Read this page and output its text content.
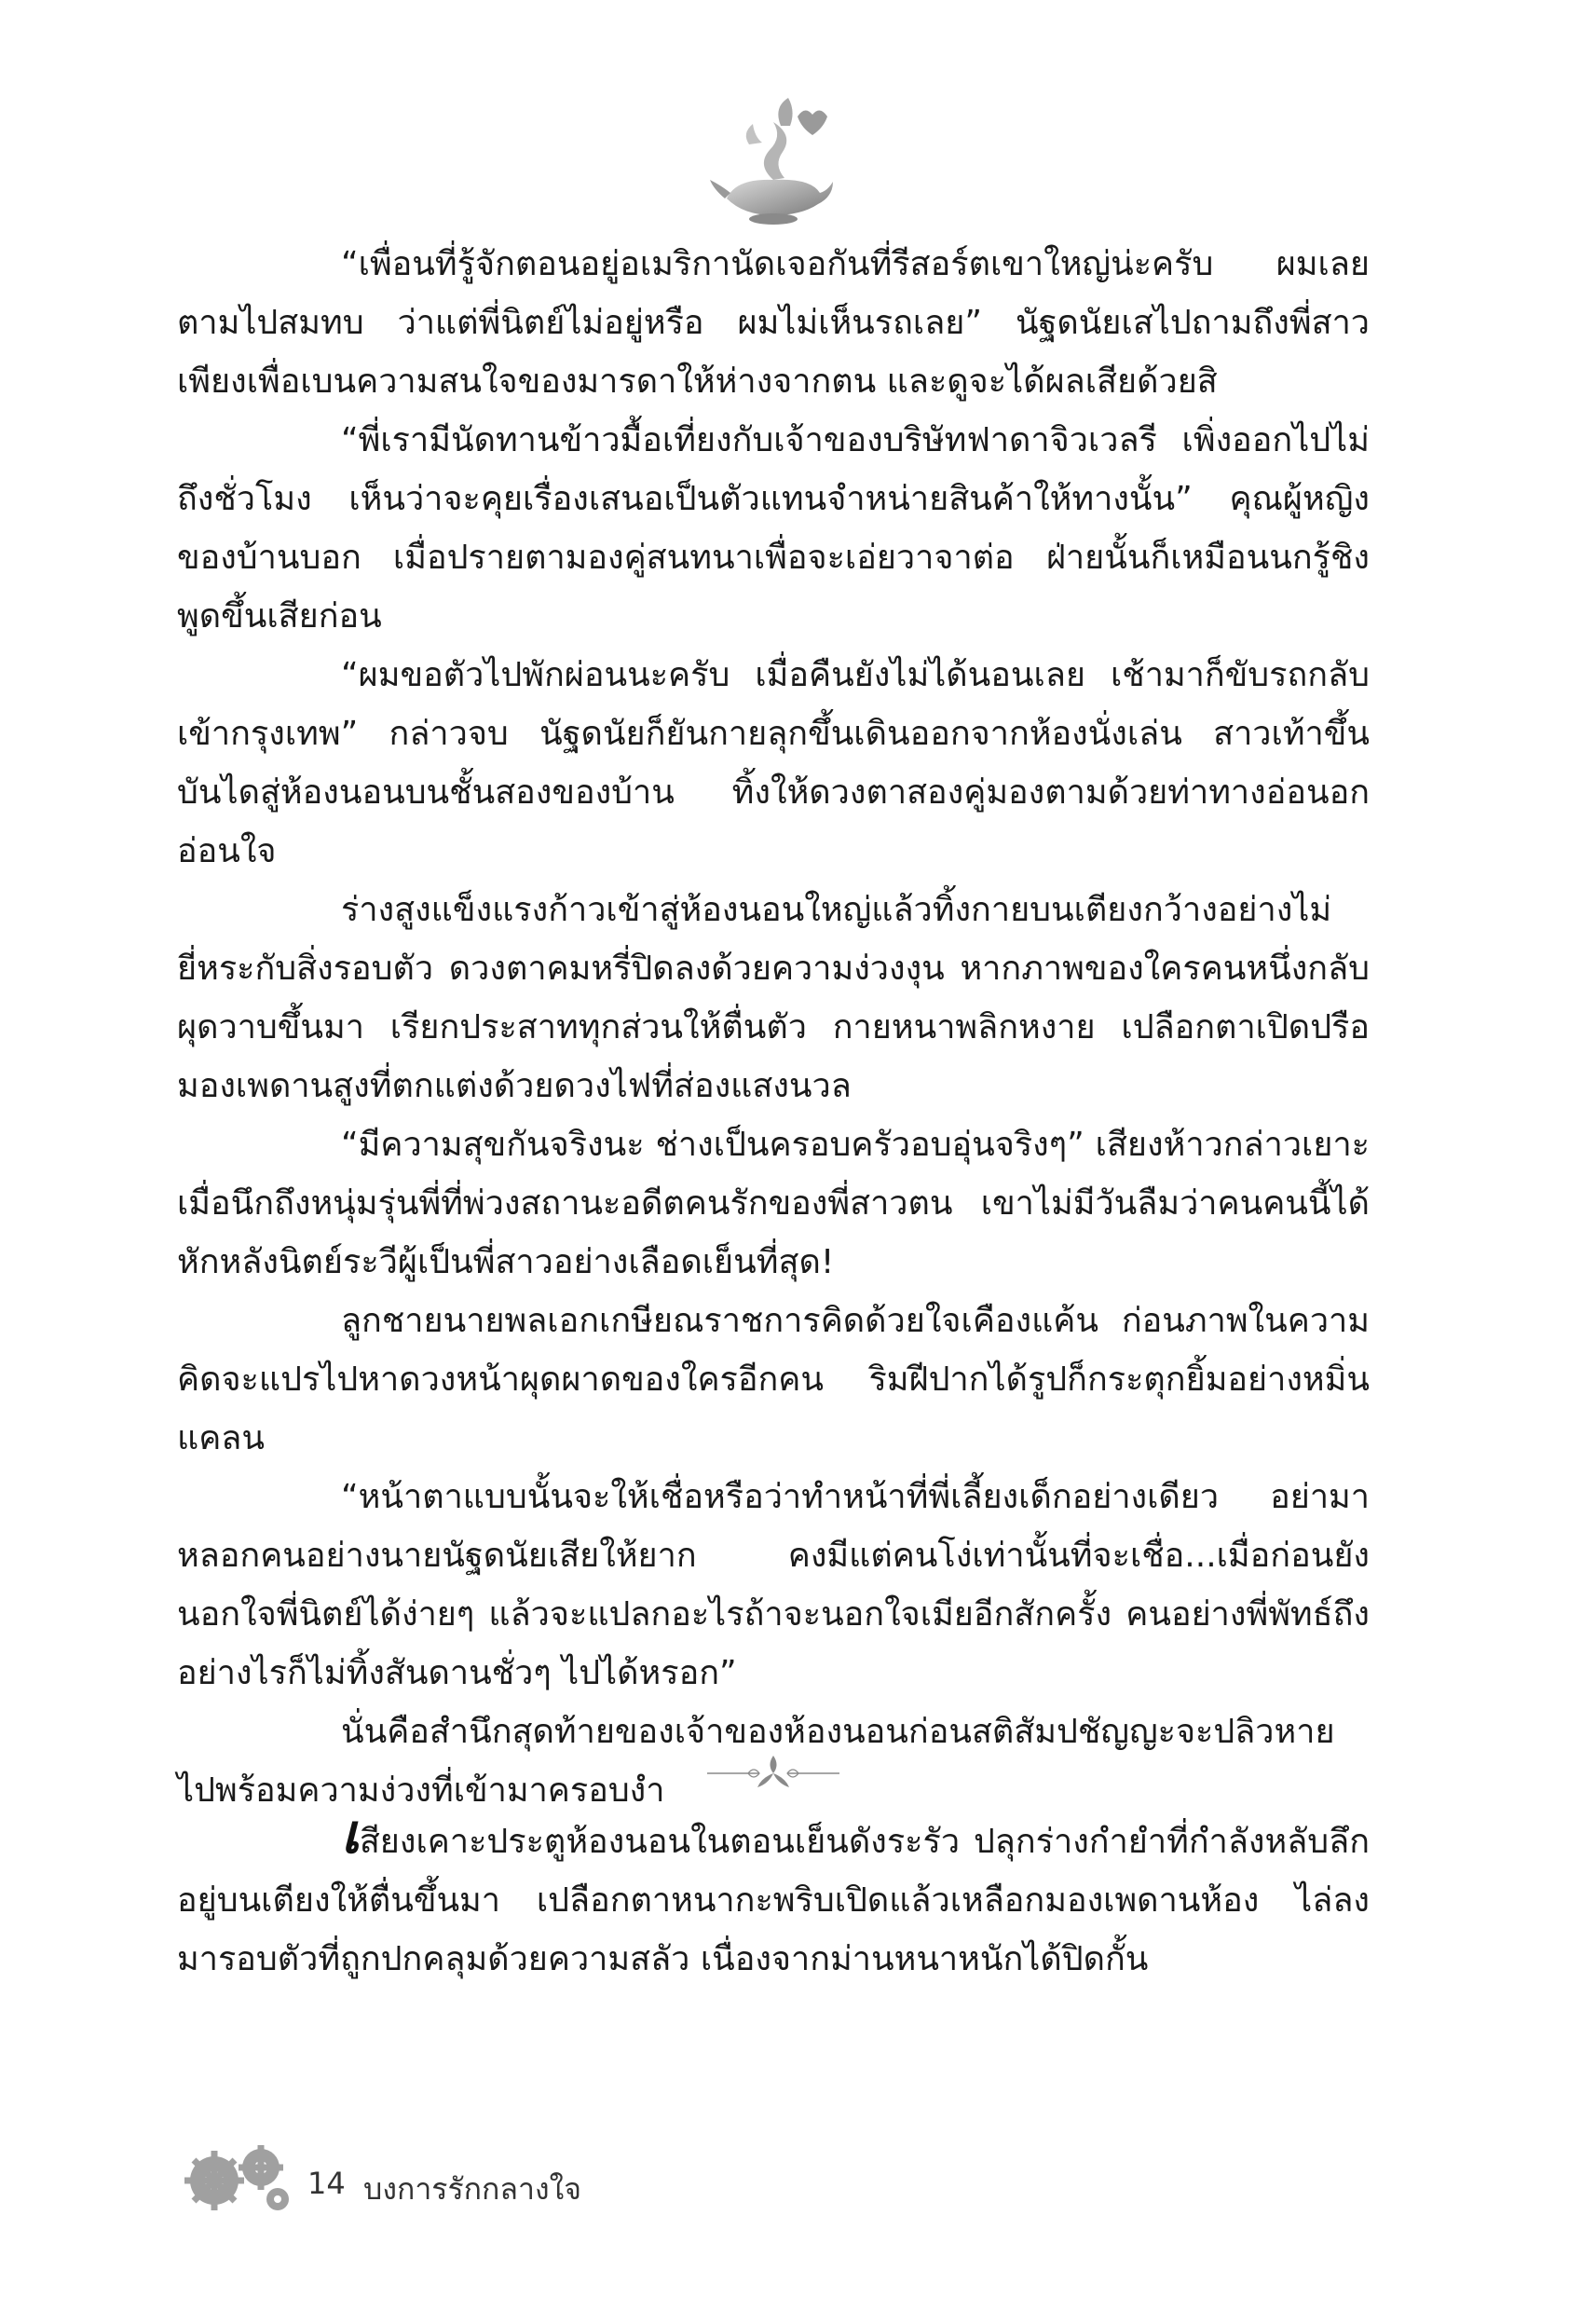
“เพื่อนที่รู้จักตอนอยู่อเมริกานัดเจอกันที่รีสอร์ตเขาใหญ่น่ะครับ ผมเลยตามไปสมทบ ว่าแต่พี่นิตย์ไม่อยู่หรือ ผมไม่เห็นรถเลย” นัฐดนัยเสไปถามถึงพี่สาวเพียงเพื่อเบนความสนใจของมารดาให้ห่างจากตน และดูจะได้ผลเสียด้วยสิ

“พี่เรามีนัดทานข้าวมื้อเที่ยงกับเจ้าของบริษัทฟาดาจิวเวลรี เพิ่งออกไปไม่ถึงชั่วโมง เห็นว่าจะคุยเรื่องเสนอเป็นตัวแทนจำหน่ายสินค้าให้ทางนั้น” คุณผู้หญิงของบ้านบอก เมื่อปรายตามองคู่สนทนาเพื่อจะเอ่ยวาจาต่อ ฝ่ายนั้นก็เหมือนนกรู้ชิงพูดขึ้นเสียก่อน

“ผมขอตัวไปพักผ่อนนะครับ เมื่อคืนยังไม่ได้นอนเลย เช้ามาก็ขับรถกลับเข้ากรุงเทพ” กล่าวจบ นัฐดนัยก็ยันกายลุกขึ้นเดินออกจากห้องนั่งเล่น สาวเท้าขึ้นบันไดสู่ห้องนอนบนชั้นสองของบ้าน ทิ้งให้ดวงตาสองคู่มองตามด้วยท่าทางอ่อนอกอ่อนใจ

ร่างสูงแข็งแรงก้าวเข้าสู่ห้องนอนใหญ่แล้วทิ้งกายบนเตียงกว้างอย่างไม่ยี่หระกับสิ่งรอบตัว ดวงตาคมหรี่ปิดลงด้วยความง่วงงุน หากภาพของใครคนหนึ่งกลับผุดวาบขึ้นมา เรียกประสาททุกส่วนให้ตื่นตัว กายหนาพลิกหงาย เปลือกตาเปิดปรือมองเพดานสูงที่ตกแต่งด้วยดวงไฟที่ส่องแสงนวล

“มีความสุขกันจริงนะ ช่างเป็นครอบครัวอบอุ่นจริงๆ” เสียงห้าวกล่าวเยาะ เมื่อนึกถึงหนุ่มรุ่นพี่ที่พ่วงสถานะอดีตคนรักของพี่สาวตน เขาไม่มีวันลืมว่าคนคนนี้ได้หักหลังนิตย์ระวีผู้เป็นพี่สาวอย่างเลือดเย็นที่สุด!

ลูกชายนายพลเอกเกษียณราชการคิดด้วยใจเคืองแค้น ก่อนภาพในความคิดจะแปรไปหาดวงหน้าผุดผาดของใครอีกคน ริมฝีปากได้รูปก็กระตุกยิ้มอย่างหมิ่นแคลน

“หน้าตาแบบนั้นจะให้เชื่อหรือว่าทำหน้าที่พี่เลี้ยงเด็กอย่างเดียว อย่ามาหลอกคนอย่างนายนัฐดนัยเสียให้ยาก คงมีแต่คนโง่เท่านั้นที่จะเชื่อ...เมื่อก่อนยังนอกใจพี่นิตย์ได้ง่ายๆ แล้วจะแปลกอะไรถ้าจะนอกใจเมียอีกสักครั้ง คนอย่างพี่พัทธ์ถึงอย่างไรก็ไม่ทิ้งสันดานชั่วๆ ไปได้หรอก”

นั่นคือสำนึกสุดท้ายของเจ้าของห้องนอนก่อนสติสัมปชัญญะจะปลิวหายไปพร้อมความง่วงที่เข้ามาครอบงำ

เสียงเคาะประตูห้องนอนในตอนเย็นดังระรัว ปลุกร่างกำยำที่กำลังหลับลึกอยู่บนเตียงให้ตื่นขึ้นมา เปลือกตาหนากะพริบเปิดแล้วเหลือกมองเพดานห้อง ไล่ลงมารอบตัวที่ถูกปกคลุมด้วยความสลัว เนื่องจากม่านหนาหนักได้ปิดกั้น

14 บงการรักกลางใจ
